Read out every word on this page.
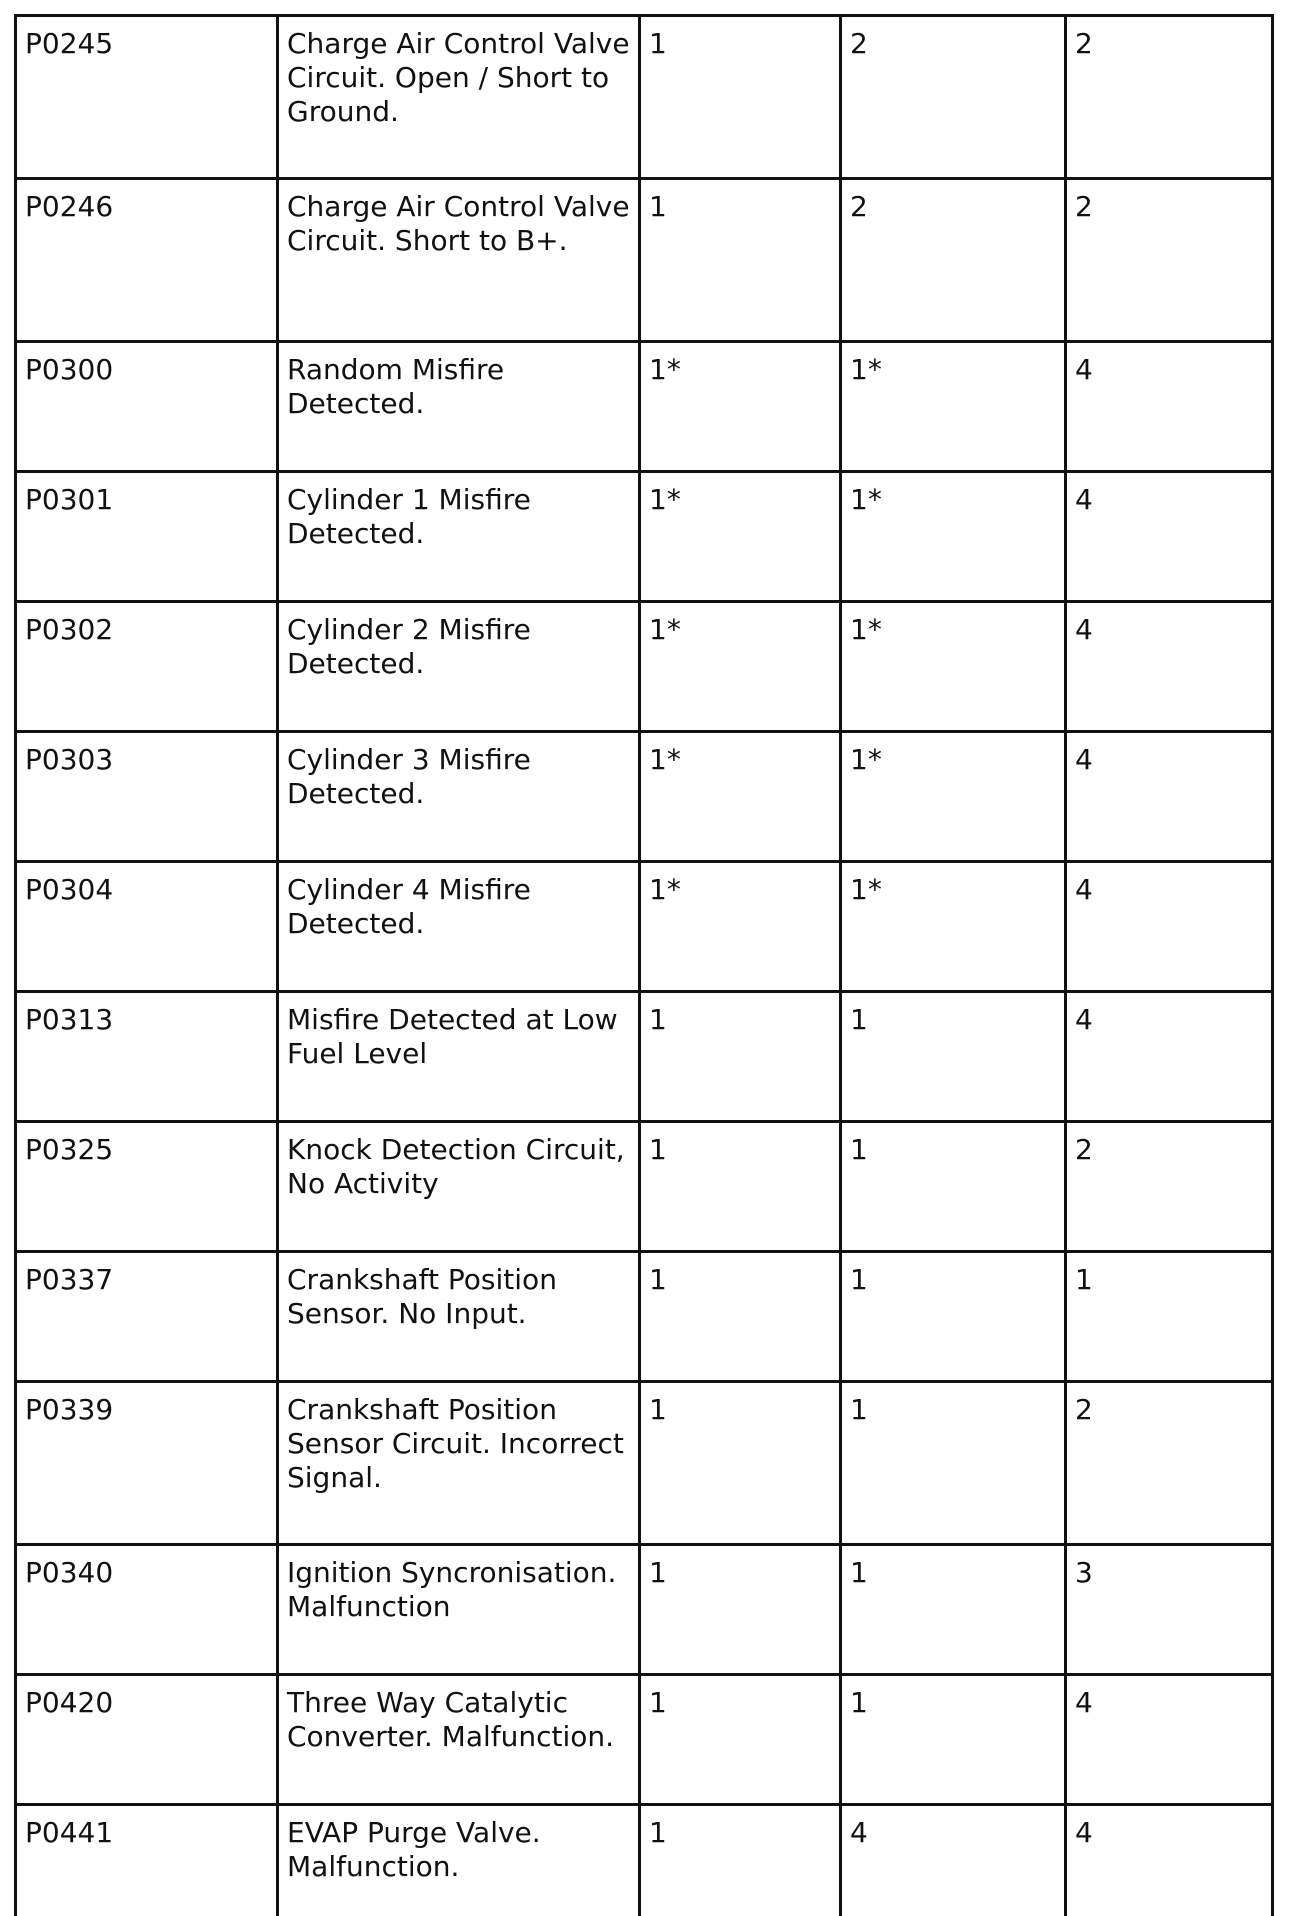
P0245	Charge Air Control Valve Circuit. Open / Short to Ground.	1	2	2
P0246	Charge Air Control Valve Circuit. Short to B+.	1	2	2
P0300	Random Misfire Detected.	1*	1*	4
P0301	Cylinder 1 Misfire Detected.	1*	1*	4
P0302	Cylinder 2 Misfire Detected.	1*	1*	4
P0303	Cylinder 3 Misfire Detected.	1*	1*	4
P0304	Cylinder 4 Misfire Detected.	1*	1*	4
P0313	Misfire Detected at Low Fuel Level	1	1	4
P0325	Knock Detection Circuit, No Activity	1	1	2
P0337	Crankshaft Position Sensor. No Input.	1	1	1
P0339	Crankshaft Position Sensor Circuit. Incorrect Signal.	1	1	2
P0340	Ignition Syncronisation. Malfunction	1	1	3
P0420	Three Way Catalytic Converter. Malfunction.	1	1	4
P0441	EVAP Purge Valve. Malfunction.	1	4	4
